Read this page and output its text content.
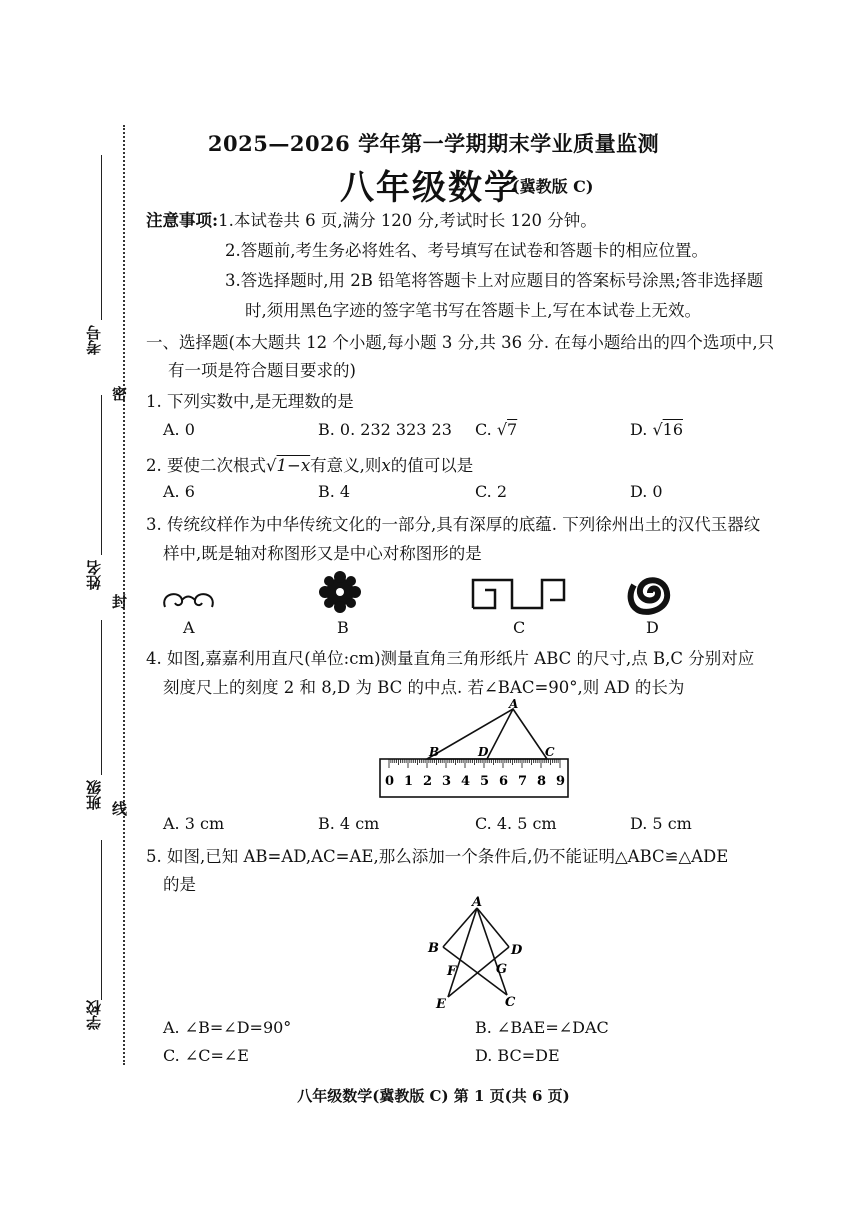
密
封
线
考号
姓名
班级
学校
2025—2026 学年第一学期期末学业质量监测
八年级数学
(冀教版 C)
注意事项:1.本试卷共 6 页,满分 120 分,考试时长 120 分钟。
2.答题前,考生务必将姓名、考号填写在试卷和答题卡的相应位置。
3.答选择题时,用 2B 铅笔将答题卡上对应题目的答案标号涂黑;答非选择题
时,须用黑色字迹的签字笔书写在答题卡上,写在本试卷上无效。
一、选择题(本大题共 12 个小题,每小题 3 分,共 36 分. 在每小题给出的四个选项中,只
有一项是符合题目要求的)
1. 下列实数中,是无理数的是
A. 0	B. 0. 232 323 23 C. √7	D. √16
2. 要使二次根式√1−x有意义,则x的值可以是
A. 6	B. 4	C. 2	D. 0
3. 传统纹样作为中华传统文化的一部分,具有深厚的底蕴. 下列徐州出土的汉代玉器纹
样中,既是轴对称图形又是中心对称图形的是
A	B	C	D
4. 如图,嘉嘉利用直尺(单位:cm)测量直角三角形纸片 ABC 的尺寸,点 B,C 分别对应
刻度尺上的刻度 2 和 8,D 为 BC 的中点. 若∠BAC=90°,则 AD 的长为
0 1 2 3 4 5 6 7 8 9
B	D	C
A
A. 3 cm	B. 4 cm	C. 4. 5 cm	D. 5 cm
5. 如图,已知 AB=AD,AC=AE,那么添加一个条件后,仍不能证明△ABC≌△ADE
的是
A
B	D
F	G
E	C
A. ∠B=∠D=90°	B. ∠BAE=∠DAC
C. ∠C=∠E	D. BC=DE
八年级数学(冀教版 C) 第 1 页(共 6 页)
